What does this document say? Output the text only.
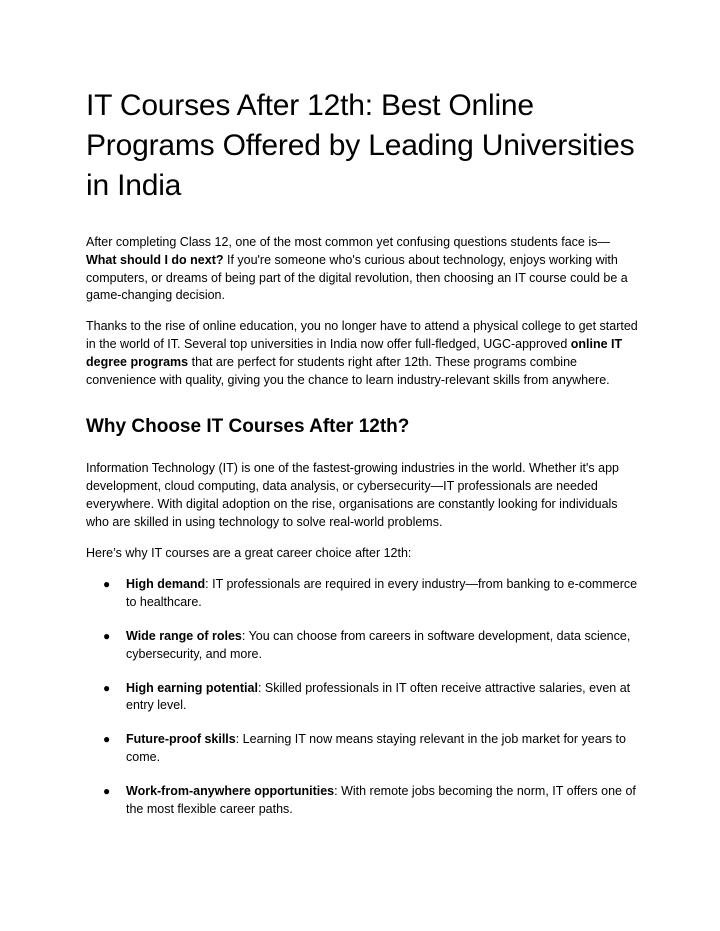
IT Courses After 12th: Best Online Programs Offered by Leading Universities in India

After completing Class 12, one of the most common yet confusing questions students face is—What should I do next? If you're someone who's curious about technology, enjoys working with computers, or dreams of being part of the digital revolution, then choosing an IT course could be a game-changing decision.

Thanks to the rise of online education, you no longer have to attend a physical college to get started in the world of IT. Several top universities in India now offer full-fledged, UGC-approved online IT degree programs that are perfect for students right after 12th. These programs combine convenience with quality, giving you the chance to learn industry-relevant skills from anywhere.

Why Choose IT Courses After 12th?

Information Technology (IT) is one of the fastest-growing industries in the world. Whether it's app development, cloud computing, data analysis, or cybersecurity—IT professionals are needed everywhere. With digital adoption on the rise, organisations are constantly looking for individuals who are skilled in using technology to solve real-world problems.

Here’s why IT courses are a great career choice after 12th:

● High demand: IT professionals are required in every industry—from banking to e-commerce to healthcare.
● Wide range of roles: You can choose from careers in software development, data science, cybersecurity, and more.
● High earning potential: Skilled professionals in IT often receive attractive salaries, even at entry level.
● Future-proof skills: Learning IT now means staying relevant in the job market for years to come.
● Work-from-anywhere opportunities: With remote jobs becoming the norm, IT offers one of the most flexible career paths.
